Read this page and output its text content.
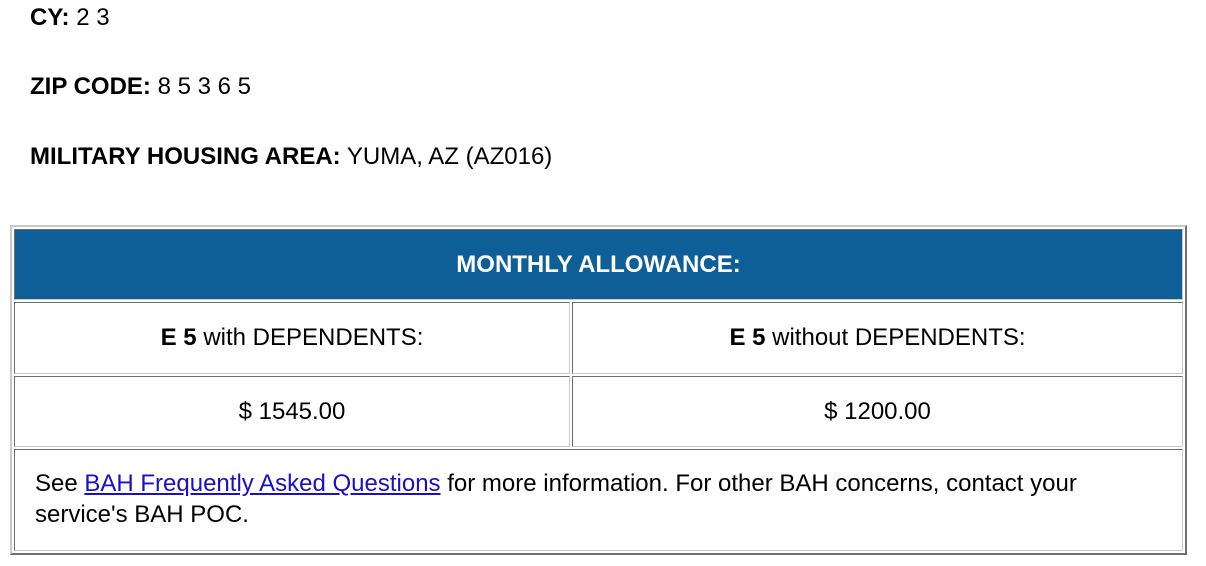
CY: 2 3
ZIP CODE: 8 5 3 6 5
MILITARY HOUSING AREA: YUMA, AZ (AZ016)
MONTHLY ALLOWANCE:	
E 5 with DEPENDENTS:	E 5 without DEPENDENTS:
$ 1545.00	$ 1200.00
See BAH Frequently Asked Questions for more information. For other BAH concerns, contact your service's BAH POC.	
